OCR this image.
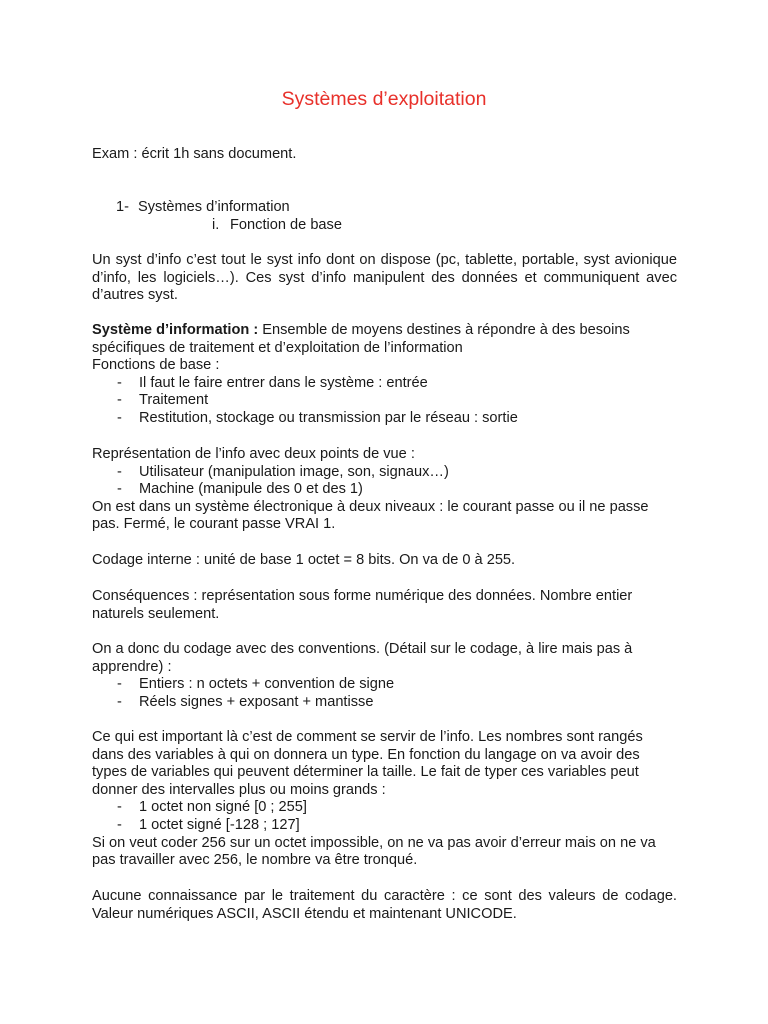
Systèmes d’exploitation
Exam : écrit 1h sans document.
1- Systèmes d’information
i. Fonction de base
Un syst d’info c’est tout le syst info dont on dispose (pc, tablette, portable, syst avionique d’info, les logiciels…). Ces syst d’info manipulent des données et communiquent avec d’autres syst.
Système d’information : Ensemble de moyens destines à répondre à des besoins spécifiques de traitement et d’exploitation de l’information
Fonctions de base :
- Il faut le faire entrer dans le système : entrée
- Traitement
- Restitution, stockage ou transmission par le réseau : sortie
Représentation de l’info avec deux points de vue :
- Utilisateur (manipulation image, son, signaux…)
- Machine (manipule des 0 et des 1)
On est dans un système électronique à deux niveaux : le courant passe ou il ne passe pas. Fermé, le courant passe VRAI 1.
Codage interne : unité de base 1 octet = 8 bits. On va de 0 à 255.
Conséquences : représentation sous forme numérique des données. Nombre entier naturels seulement.
On a donc du codage avec des conventions. (Détail sur le codage, à lire mais pas à apprendre) :
- Entiers : n octets + convention de signe
- Réels signes + exposant + mantisse
Ce qui est important là c’est de comment se servir de l’info. Les nombres sont rangés dans des variables à qui on donnera un type. En fonction du langage on va avoir des types de variables qui peuvent déterminer la taille. Le fait de typer ces variables peut donner des intervalles plus ou moins grands :
- 1 octet non signé [0 ; 255]
- 1 octet signé [-128 ; 127]
Si on veut coder 256 sur un octet impossible, on ne va pas avoir d’erreur mais on ne va pas travailler avec 256, le nombre va être tronqué.
Aucune connaissance par le traitement du caractère : ce sont des valeurs de codage. Valeur numériques ASCII, ASCII étendu et maintenant UNICODE.
